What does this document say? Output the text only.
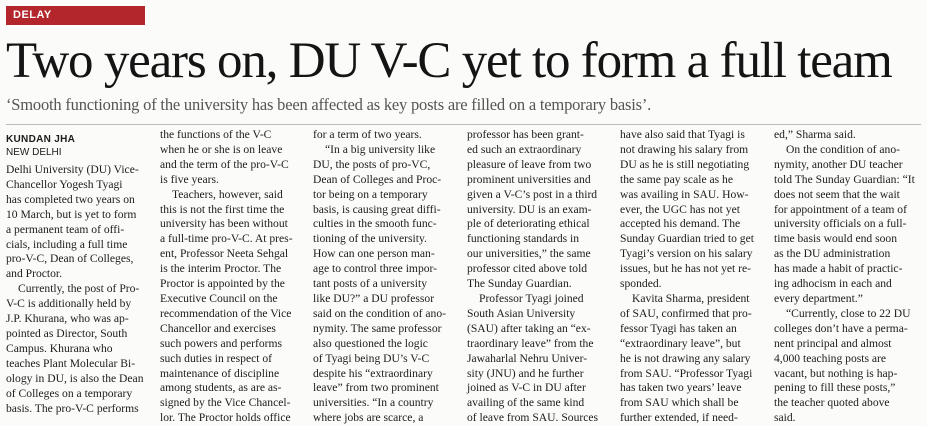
DELAY
Two years on, DU V-C yet to form a full team
‘Smooth functioning of the university has been affected as key posts are filled on a temporary basis’.
KUNDAN JHA
NEW DELHI
Delhi University (DU) Vice-
Chancellor Yogesh Tyagi
has completed two years on
10 March, but is yet to form
a permanent team of offi-
cials, including a full time
pro-V-C, Dean of Colleges,
and Proctor.
Currently, the post of Pro-
V-C is additionally held by
J.P. Khurana, who was ap-
pointed as Director, South
Campus. Khurana who
teaches Plant Molecular Bi-
ology in DU, is also the Dean
of Colleges on a temporary
basis. The pro-V-C performs
the functions of the V-C
when he or she is on leave
and the term of the pro-V-C
is five years.
Teachers, however, said
this is not the first time the
university has been without
a full-time pro-V-C. At pres-
ent, Professor Neeta Sehgal
is the interim Proctor. The
Proctor is appointed by the
Executive Council on the
recommendation of the Vice
Chancellor and exercises
such powers and performs
such duties in respect of
maintenance of discipline
among students, as are as-
signed by the Vice Chancel-
lor. The Proctor holds office
for a term of two years.
“In a big university like
DU, the posts of pro-VC,
Dean of Colleges and Proc-
tor being on a temporary
basis, is causing great diffi-
culties in the smooth func-
tioning of the university.
How can one person man-
age to control three impor-
tant posts of a university
like DU?” a DU professor
said on the condition of ano-
nymity. The same professor
also questioned the logic
of Tyagi being DU’s V-C
despite his “extraordinary
leave” from two prominent
universities. “In a country
where jobs are scarce, a
professor has been grant-
ed such an extraordinary
pleasure of leave from two
prominent universities and
given a V-C’s post in a third
university. DU is an exam-
ple of deteriorating ethical
functioning standards in
our universities,” the same
professor cited above told
The Sunday Guardian.
Professor Tyagi joined
South Asian University
(SAU) after taking an “ex-
traordinary leave” from the
Jawaharlal Nehru Univer-
sity (JNU) and he further
joined as V-C in DU after
availing of the same kind
of leave from SAU. Sources
have also said that Tyagi is
not drawing his salary from
DU as he is still negotiating
the same pay scale as he
was availing in SAU. How-
ever, the UGC has not yet
accepted his demand. The
Sunday Guardian tried to get
Tyagi’s version on his salary
issues, but he has not yet re-
sponded.
Kavita Sharma, president
of SAU, confirmed that pro-
fessor Tyagi has taken an
“extraordinary leave”, but
he is not drawing any salary
from SAU. “Professor Tyagi
has taken two years’ leave
from SAU which shall be
further extended, if need-
ed,” Sharma said.
On the condition of ano-
nymity, another DU teacher
told The Sunday Guardian: “It
does not seem that the wait
for appointment of a team of
university officials on a full-
time basis would end soon
as the DU administration
has made a habit of practic-
ing adhocism in each and
every department.”
“Currently, close to 22 DU
colleges don’t have a perma-
nent principal and almost
4,000 teaching posts are
vacant, but nothing is hap-
pening to fill these posts,”
the teacher quoted above
said.
